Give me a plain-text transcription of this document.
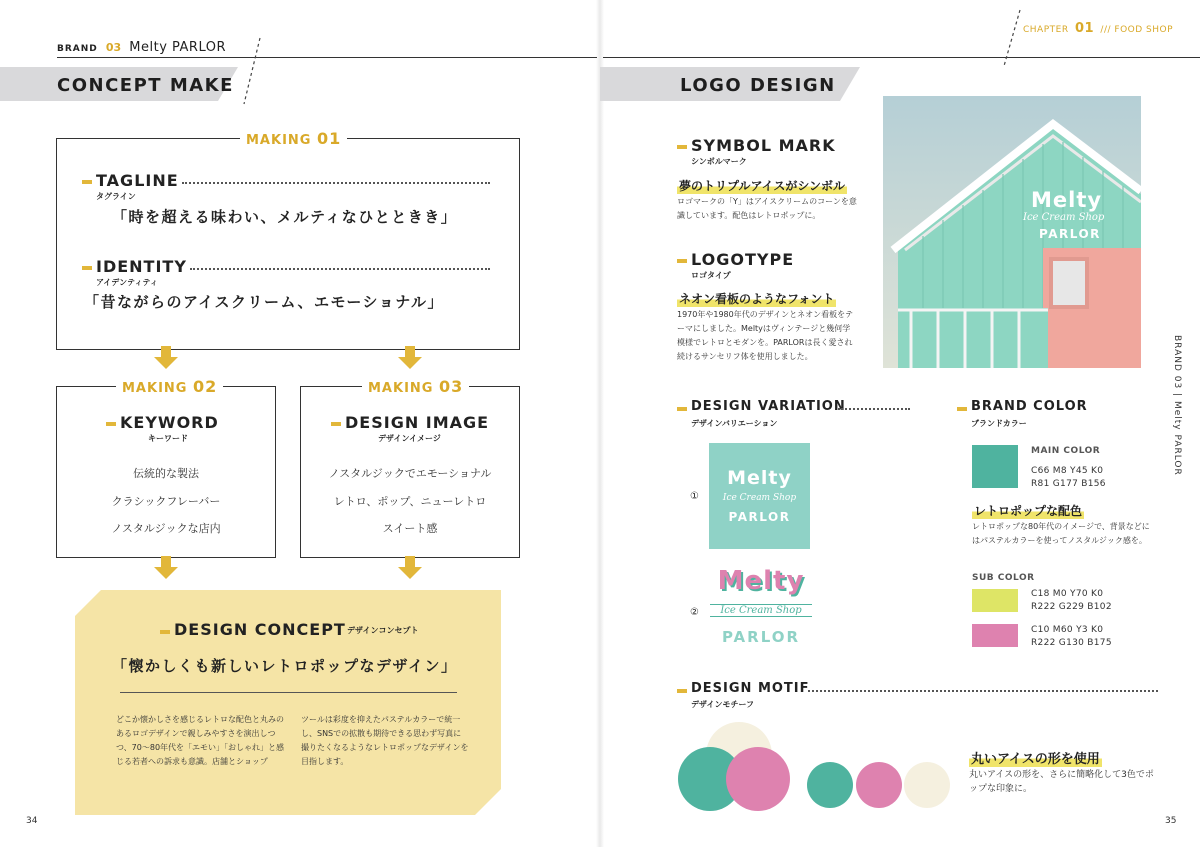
BRAND 03 Melty PARLOR
CONCEPT MAKE
MAKING 01
TAGLINE
タグライン
「時を超える味わい、メルティなひとときき」
IDENTITY
アイデンティティ
「昔ながらのアイスクリーム、エモーショナル」
MAKING 02
KEYWORD
キーワード
伝統的な製法
クラシックフレーバー
ノスタルジックな店内
MAKING 03
DESIGN IMAGE
デザインイメージ
ノスタルジックでエモーショナル
レトロ、ポップ、ニューレトロ
スイート感
DESIGN CONCEPT デザインコンセプト
「懐かしくも新しいレトロポップなデザイン」
どこか懐かしさを感じるレトロな配色と丸みのあるロゴデザインで親しみやすさを演出しつつ、70～80年代を「エモい」「おしゃれ」と感じる若者への訴求も意識。店舗とショップ
ツールは彩度を抑えたパステルカラーで統一し、SNSでの拡散も期待できる思わず写真に撮りたくなるようなレトロポップなデザインを目指します。
34
CHAPTER 01 /// FOOD SHOP
LOGO DESIGN
SYMBOL MARK
シンボルマーク
夢のトリプルアイスがシンボル
ロゴマークの「Y」はアイスクリームのコーンを意識しています。配色はレトロポップに。
LOGOTYPE
ロゴタイプ
ネオン看板のようなフォント
1970年や1980年代のデザインとネオン看板をテーマにしました。Meltyはヴィンテージと幾何学模様でレトロとモダンを。PARLORは長く愛され続けるサンセリフ体を使用しました。
Melty
Ice Cream Shop
PARLOR
DESIGN VARIATION
デザインバリエーション
①
Melty
Ice Cream Shop
PARLOR
②
Melty
Ice Cream Shop
PARLOR
BRAND COLOR
ブランドカラー
MAIN COLOR
C66 M8 Y45 K0
R81 G177 B156
レトロポップな配色
レトロポップな80年代のイメージで、背景などにはパステルカラーを使ってノスタルジック感を。
SUB COLOR
C18 M0 Y70 K0
R222 G229 B102
C10 M60 Y3 K0
R222 G130 B175
DESIGN MOTIF
デザインモチーフ
丸いアイスの形を使用
丸いアイスの形を、さらに簡略化して3色でポップな印象に。
BRAND 03 | Melty PARLOR
35
